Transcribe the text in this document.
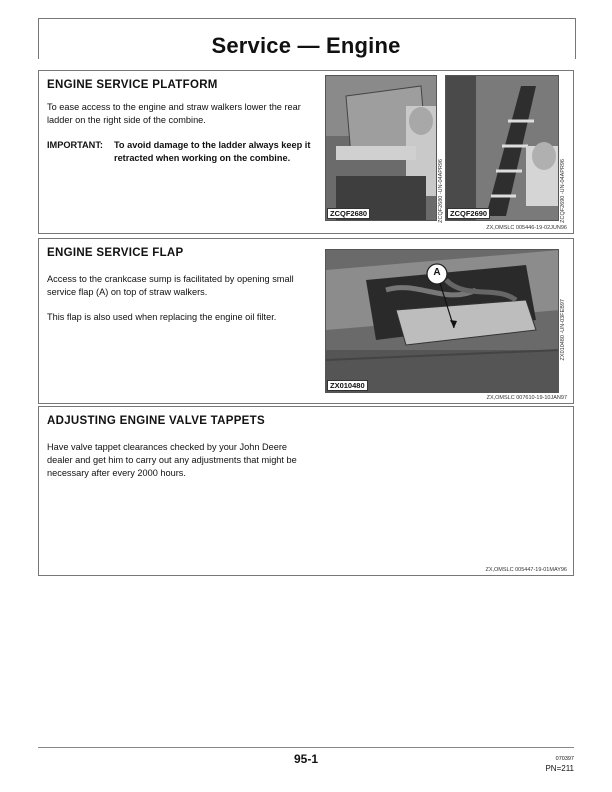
Service — Engine
ENGINE SERVICE PLATFORM
To ease access to the engine and straw walkers lower the rear ladder on the right side of the combine.
IMPORTANT: To avoid damage to the ladder always keep it retracted when working on the combine.
ZCQF2680	ZCQF2680 -UN-04APR96 ZCQF2690	ZCQF2690 -UN-04APR96
ZX,OMSLC 005446-19-02JUN96
ENGINE SERVICE FLAP
Access to the crankcase sump is facilitated by opening small service flap (A) on top of straw walkers.
This flap is also used when replacing the engine oil filter.
A
ZX010480
ZX010480 -UN-03FEB97
ZX,OMSLC 007610-19-10JAN97
ADJUSTING ENGINE VALVE TAPPETS
Have valve tappet clearances checked by your John Deere dealer and get him to carry out any adjustments that might be necessary after every 2000 hours.
ZX,OMSLC 005447-19-01MAY96
95-1	070397
PN=211
